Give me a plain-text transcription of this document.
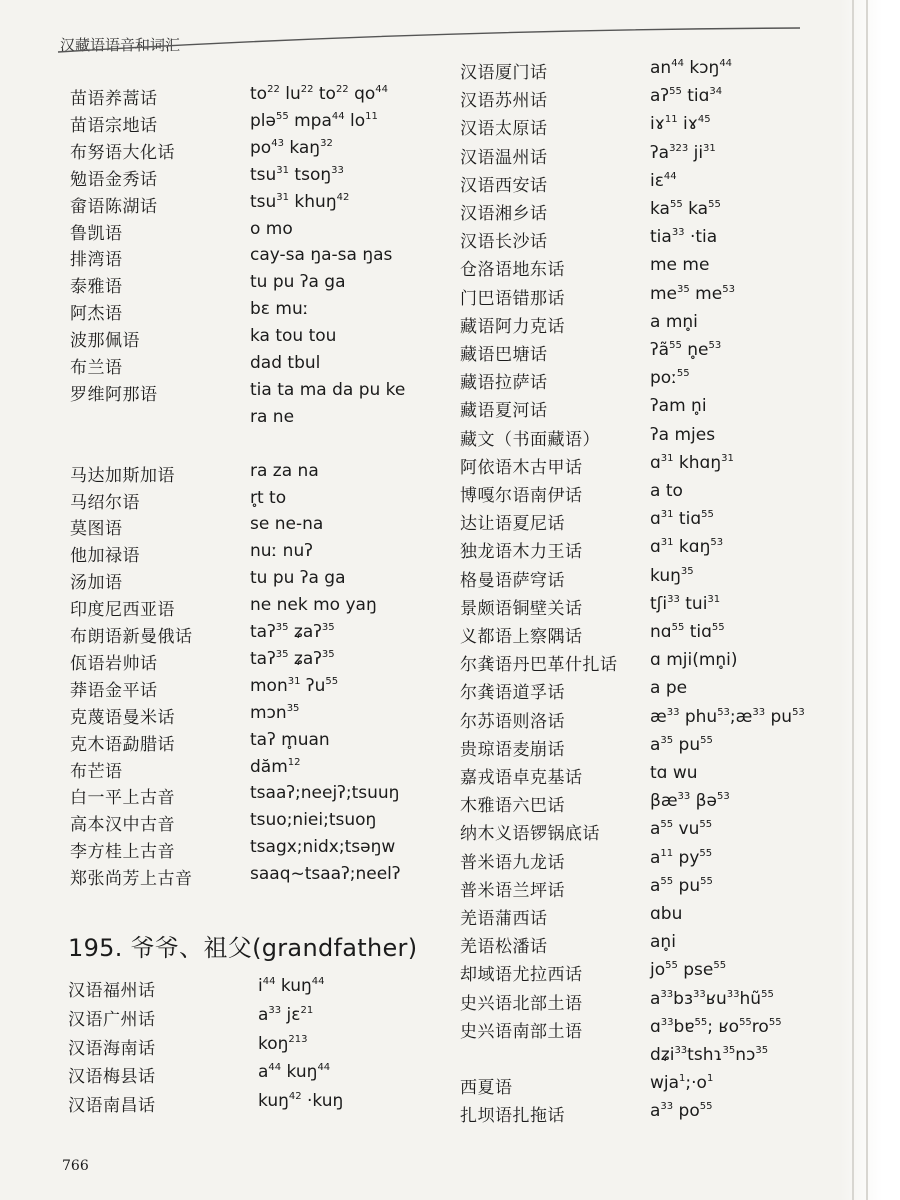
汉藏语语音和词汇
苗语养蒿话	$to^{22}$ $lu^{22}$ $to^{22}$ $qo^{44}$
苗语宗地话	plə$^{55}$ mpa$^{44}$ $lo^{11}$
布努语大化话	$po^{43}$ kaŋ$^{32}$
勉语金秀话	tsu$^{31}$ tsoŋ$^{33}$
畲语陈湖话	tsu$^{31}$ khuŋ$^{42}$
鲁凯语	o mo
排湾语	cay-sa ŋa-sa ŋas
泰雅语	tu pu ʔa ga
阿杰语	bɛ muː
波那佩语	ka tou tou
布兰语	dad tbul
罗维阿那语	tia ta ma da pu ke
ra ne
马达加斯加语	ra za na
马绍尔语	r̥t to
莫图语	se ne-na
他加禄语	nuː nuʔ
汤加语	tu pu ʔa ga
印度尼西亚语	ne nek mo yaŋ
布朗语新曼俄话	taʔ$^{35}$ ʑaʔ$^{35}$
佤语岩帅话	taʔ$^{35}$ ʑaʔ$^{35}$
莽语金平话	mon$^{31}$ ʔu$^{55}$
克蔑语曼米话	mɔn$^{35}$
克木语勐腊话	taʔ m̥uan
布芒语	dăm$^{12}$
白一平上古音	tsaaʔ;neejʔ;tsuuŋ
高本汉中古音	tsuo;niei;tsuoŋ
李方桂上古音	tsagx;nidx;tsəŋw
郑张尚芳上古音	saaq~tsaaʔ;neelʔ
195. 爷爷、祖父(grandfather)
汉语福州话	$i^{44}$ kuŋ$^{44}$
汉语广州话	$a^{33}$ jɛ$^{21}$
汉语海南话	koŋ$^{213}$
汉语梅县话	$a^{44}$ kuŋ$^{44}$
汉语南昌话	kuŋ$^{42}$ ·kuŋ
汉语厦门话	$an^{44}$ kɔŋ$^{44}$
汉语苏州话	aʔ$^{55}$ tiɑ$^{34}$
汉语太原话	iɤ$^{11}$ iɤ$^{45}$
汉语温州话	ʔa$^{323}$ $ji^{31}$
汉语西安话	iɛ$^{44}$
汉语湘乡话	$ka^{55}$ $ka^{55}$
汉语长沙话	tia$^{33}$ ·tia
仓洛语地东话	me me
门巴语错那话	$me^{35}$ $me^{53}$
藏语阿力克话	a mn̥i
藏语巴塘话	ʔã$^{55}$ $n̥e^{53}$
藏语拉萨话	poː$^{55}$
藏语夏河话	ʔam n̥i
藏文（书面藏语）	ʔa mjes
阿依语木古甲话	ɑ$^{31}$ khɑŋ$^{31}$
博嘎尔语南伊话	a to
达让语夏尼话	ɑ$^{31}$ tiɑ$^{55}$
独龙语木力王话	ɑ$^{31}$ kɑŋ$^{53}$
格曼语萨穹话	kuŋ$^{35}$
景颇语铜壁关话	tʃi$^{33}$ tui$^{31}$
义都语上察隅话	nɑ$^{55}$ tiɑ$^{55}$
尔龚语丹巴革什扎话 ɑ mji(mn̥i)
尔龚语道孚话	a pe
尔苏语则洛话	$æ^{33}$ $phu^{53};æ^{33}$ $pu^{53}$
贵琼语麦崩话	$a^{35}$ $pu^{55}$
嘉戎语卓克基话	tɑ wu
木雅语六巴话	$\beta æ^{33}$ βə$^{53}$
纳木义语锣锅底话	$a^{55}$ $vu^{55}$
普米语九龙话	$a^{11}$ $py^{55}$
普米语兰坪话	$a^{55}$ $pu^{55}$
羌语蒲西话	ɑbu
羌语松潘话	an̥i
却域语尤拉西话	$jo^{55}$ pse$^{55}$
史兴语北部土语	$a^{33}bɜ^{33}ʁu^{33}hũ^{55}$
史兴语南部土语	ɑ$^{33}$bɐ$^{55}$; $ʁo^{55}ro^{55}$
dʑi$^{33}$tshɿ$^{35}$nɔ$^{35}$
西夏语	$wja^1;\cdot o^1$
扎坝语扎拖话	$a^{33}$ $po^{55}$
766
